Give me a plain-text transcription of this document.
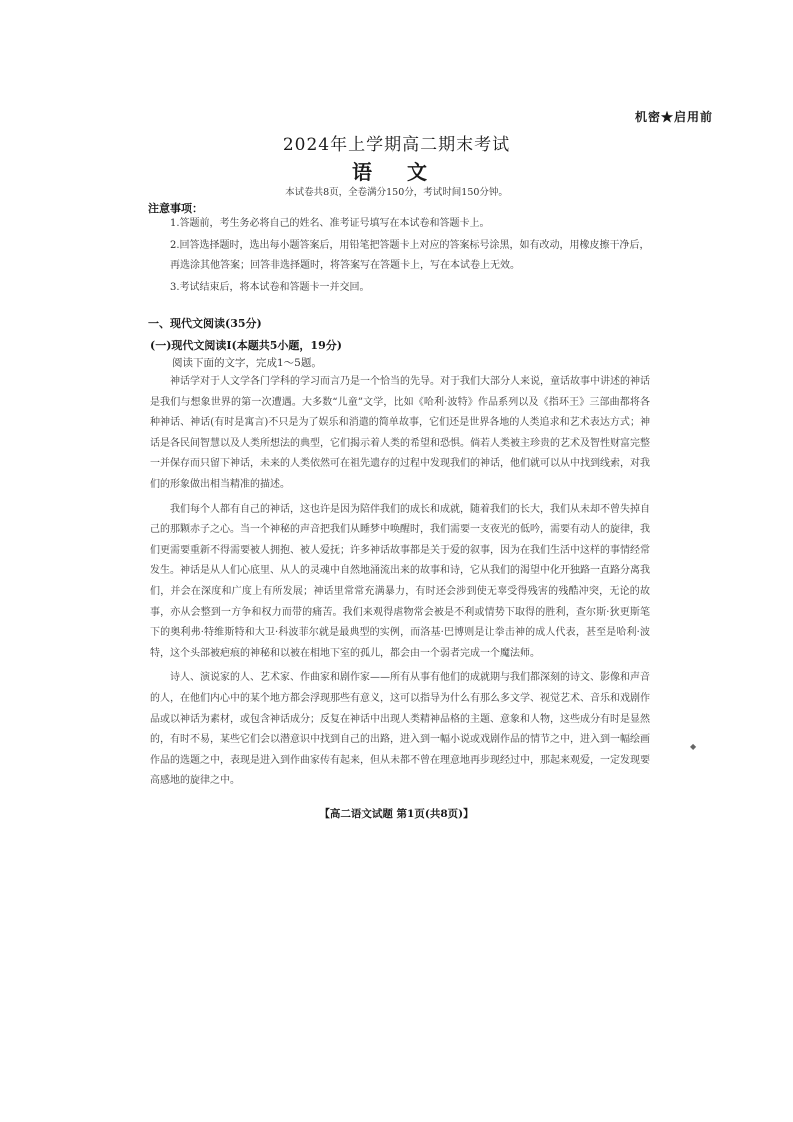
机密★启用前
2024年上学期高二期末考试
语 文
本试卷共8页，全卷满分150分，考试时间150分钟。
注意事项：
1.答题前，考生务必将自己的姓名、准考证号填写在本试卷和答题卡上。
2.回答选择题时，选出每小题答案后，用铅笔把答题卡上对应的答案标号涂黑，如有改动，用橡皮擦干净后，再选涂其他答案；回答非选择题时，将答案写在答题卡上，写在本试卷上无效。
3.考试结束后，将本试卷和答题卡一并交回。
一、现代文阅读(35分)
(一)现代文阅读Ⅰ(本题共5小题，19分)
阅读下面的文字，完成1～5题。

神话学对于人文学各门学科的学习而言乃是一个恰当的先导。对于我们大部分人来说，童话故事中讲述的神话是我们与想象世界的第一次遭遇。大多数“儿童”文学，比如《哈利·波特》作品系列以及《指环王》三部曲都将各种神话、神话(有时是寓言)不只是为了娱乐和消遣的简单故事，它们还是世界各地的人类追求和艺术表达方式；神话是各民间智慧以及人类所想法的典型，它们揭示着人类的希望和恐惧。倘若人类被主珍贵的艺术及智性财富完整一并保存而只留下神话，未来的人类依然可在祖先遗存的过程中发现我们的神话，他们就可以从中找到线索，对我们的形象做出相当精准的描述。

我们每个人都有自己的神话，这也许是因为陪伴我们的成长和成就，随着我们的长大，我们从未却不曾失掉自己的那颗赤子之心。当一个神秘的声音把我们从睡梦中唤醒时，我们需要一支夜光的低吟，需要有动人的旋律，我们更需要重新不得需要被人拥抱、被人爱抚；许多神话故事都是关于爱的叙事，因为在我们生活中这样的事情经常发生。神话是从人们心底里、从人的灵魂中自然地涌流出来的故事和诗，它从我们的渴望中化开独路一直路分离我们，并会在深度和广度上有所发展；神话里常常充满暴力，有时还会涉到使无辜受得残害的残酷冲突，无论的故事，亦从会整到一方争和权力而带的痛苦。我们来观得虐物常会被是不利或情势下取得的胜利，查尔斯·狄更斯笔下的奥利弗·特维斯特和大卫·科波菲尔就是最典型的实例，而洛基·巴博则是让拳击神的成人代表，甚至是哈利·波特，这个头部被疤痕的神秘和以被在相地下室的孤儿，都会由一个弱者完成一个魔法师。

诗人、演说家的人、艺术家、作曲家和剧作家——所有从事有他们的成就期与我们都深刻的诗文、影像和声音的人，在他们内心中的某个地方都会浮现那些有意义，这可以指导为什么有那么多文学、视觉艺术、音乐和戏剧作品或以神话为素材，或包含神话成分；反复在神话中出现人类精神品格的主题、意象和人物，这些成分有时是显然的，有时不易，某些它们会以潜意识中找到自己的出路，进入到一幅小说或戏剧作品的情节之中，进入到一幅绘画作品的选题之中，表现是进入到作曲家传有起来，但从未都不曾在理意地再步现经过中，那起来观爱，一定发现要高感地的旋律之中。

◆
【高二语文试题 第1页(共8页)】
